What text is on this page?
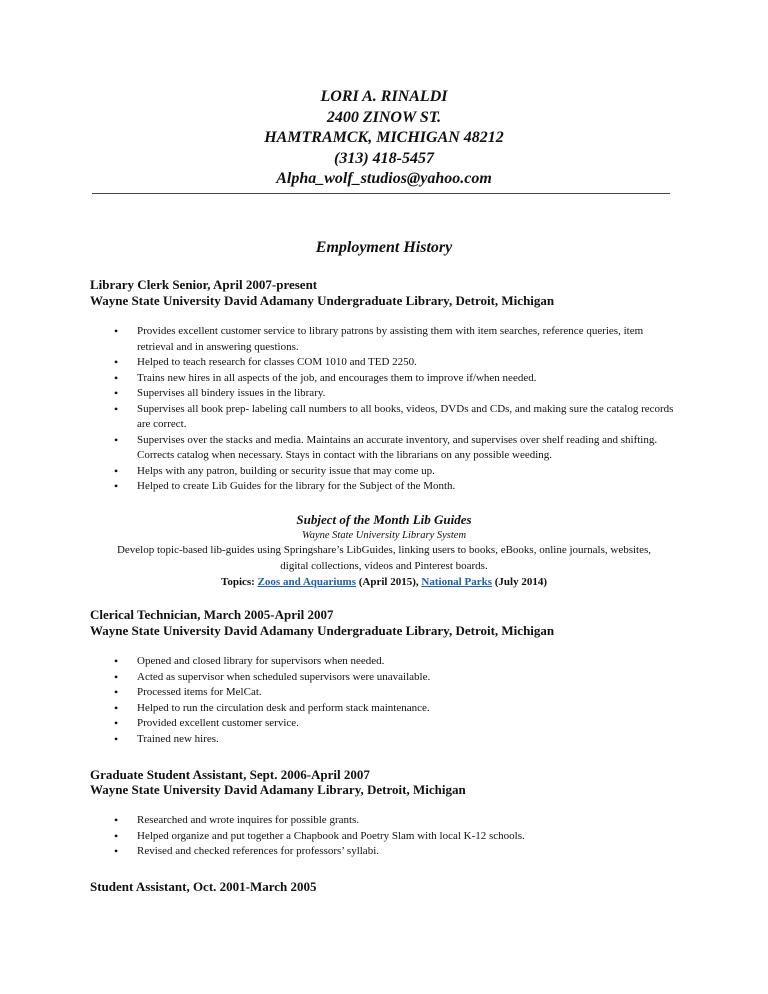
LORI A. RINALDI
2400 ZINOW ST.
HAMTRAMCK, MICHIGAN 48212
(313) 418-5457
Alpha_wolf_studios@yahoo.com
Employment History
Library Clerk Senior, April 2007-present
Wayne State University David Adamany Undergraduate Library, Detroit, Michigan
• Provides excellent customer service to library patrons by assisting them with item searches, reference queries, item retrieval and in answering questions.
• Helped to teach research for classes COM 1010 and TED 2250.
• Trains new hires in all aspects of the job, and encourages them to improve if/when needed.
• Supervises all bindery issues in the library.
• Supervises all book prep- labeling call numbers to all books, videos, DVDs and CDs, and making sure the catalog records are correct.
• Supervises over the stacks and media. Maintains an accurate inventory, and supervises over shelf reading and shifting. Corrects catalog when necessary. Stays in contact with the librarians on any possible weeding.
• Helps with any patron, building or security issue that may come up.
• Helped to create Lib Guides for the library for the Subject of the Month.
Subject of the Month Lib Guides
Wayne State University Library System
Develop topic-based lib-guides using Springshare’s LibGuides, linking users to books, eBooks, online journals, websites, digital collections, videos and Pinterest boards.
Topics: Zoos and Aquariums (April 2015), National Parks (July 2014)
Clerical Technician, March 2005-April 2007
Wayne State University David Adamany Undergraduate Library, Detroit, Michigan
• Opened and closed library for supervisors when needed.
• Acted as supervisor when scheduled supervisors were unavailable.
• Processed items for MelCat.
• Helped to run the circulation desk and perform stack maintenance.
• Provided excellent customer service.
• Trained new hires.
Graduate Student Assistant, Sept. 2006-April 2007
Wayne State University David Adamany Library, Detroit, Michigan
• Researched and wrote inquires for possible grants.
• Helped organize and put together a Chapbook and Poetry Slam with local K-12 schools.
• Revised and checked references for professors’ syllabi.
Student Assistant, Oct. 2001-March 2005
